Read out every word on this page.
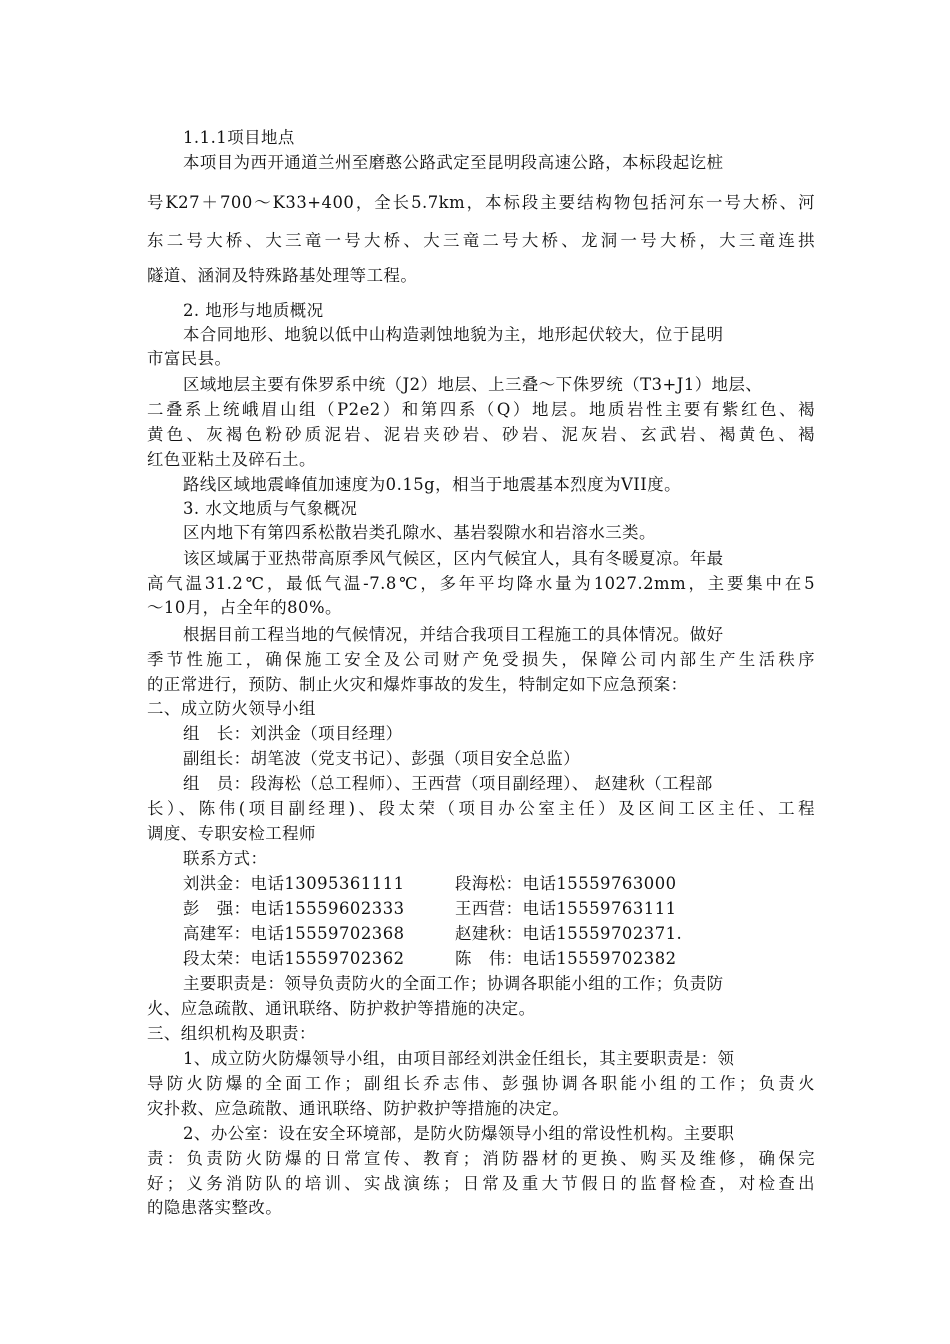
1.1.1项目地点
本项目为西开通道兰州至磨憨公路武定至昆明段高速公路，本标段起讫桩
号K27＋700～K33+400，全长5.7km，本标段主要结构物包括河东一号大桥、河
东二号大桥、大三竜一号大桥、大三竜二号大桥、龙洞一号大桥，大三竜连拱
隧道、涵洞及特殊路基处理等工程。
2. 地形与地质概况
本合同地形、地貌以低中山构造剥蚀地貌为主，地形起伏较大，位于昆明
市富民县。
区域地层主要有侏罗系中统（J2）地层、上三叠～下侏罗统（T3+J1）地层、
二叠系上统峨眉山组（P2e2）和第四系（Q）地层。地质岩性主要有紫红色、褐
黄色、灰褐色粉砂质泥岩、泥岩夹砂岩、砂岩、泥灰岩、玄武岩、褐黄色、褐
红色亚粘土及碎石土。
路线区域地震峰值加速度为0.15g，相当于地震基本烈度为VII度。
3. 水文地质与气象概况
区内地下有第四系松散岩类孔隙水、基岩裂隙水和岩溶水三类。
该区域属于亚热带高原季风气候区，区内气候宜人，具有冬暖夏凉。年最
高气温31.2℃，最低气温-7.8℃，多年平均降水量为1027.2mm，主要集中在5
～10月，占全年的80%。
根据目前工程当地的气候情况，并结合我项目工程施工的具体情况。做好
季节性施工，确保施工安全及公司财产免受损失，保障公司内部生产生活秩序
的正常进行，预防、制止火灾和爆炸事故的发生，特制定如下应急预案：
二、成立防火领导小组
组　长：刘洪金（项目经理）
副组长：胡笔波（党支书记）、彭强（项目安全总监）
组　员：段海松（总工程师）、王西营（项目副经理）、 赵建秋（工程部
长）、陈伟(项目副经理)、段太荣（项目办公室主任）及区间工区主任、工程
调度、专职安检工程师
联系方式：
刘洪金：电话13095361111	段海松：电话15559763000
彭　强：电话15559602333	王西营：电话15559763111
高建军：电话15559702368	赵建秋：电话15559702371.
段太荣：电话15559702362	陈　伟：电话15559702382
主要职责是：领导负责防火的全面工作；协调各职能小组的工作；负责防
火、应急疏散、通讯联络、防护救护等措施的决定。
三、组织机构及职责：
1、成立防火防爆领导小组，由项目部经刘洪金任组长，其主要职责是：领
导防火防爆的全面工作；副组长乔志伟、彭强协调各职能小组的工作；负责火
灾扑救、应急疏散、通讯联络、防护救护等措施的决定。
2、办公室：设在安全环境部，是防火防爆领导小组的常设性机构。主要职
责：负责防火防爆的日常宣传、教育；消防器材的更换、购买及维修，确保完
好；义务消防队的培训、实战演练；日常及重大节假日的监督检查，对检查出
的隐患落实整改。
